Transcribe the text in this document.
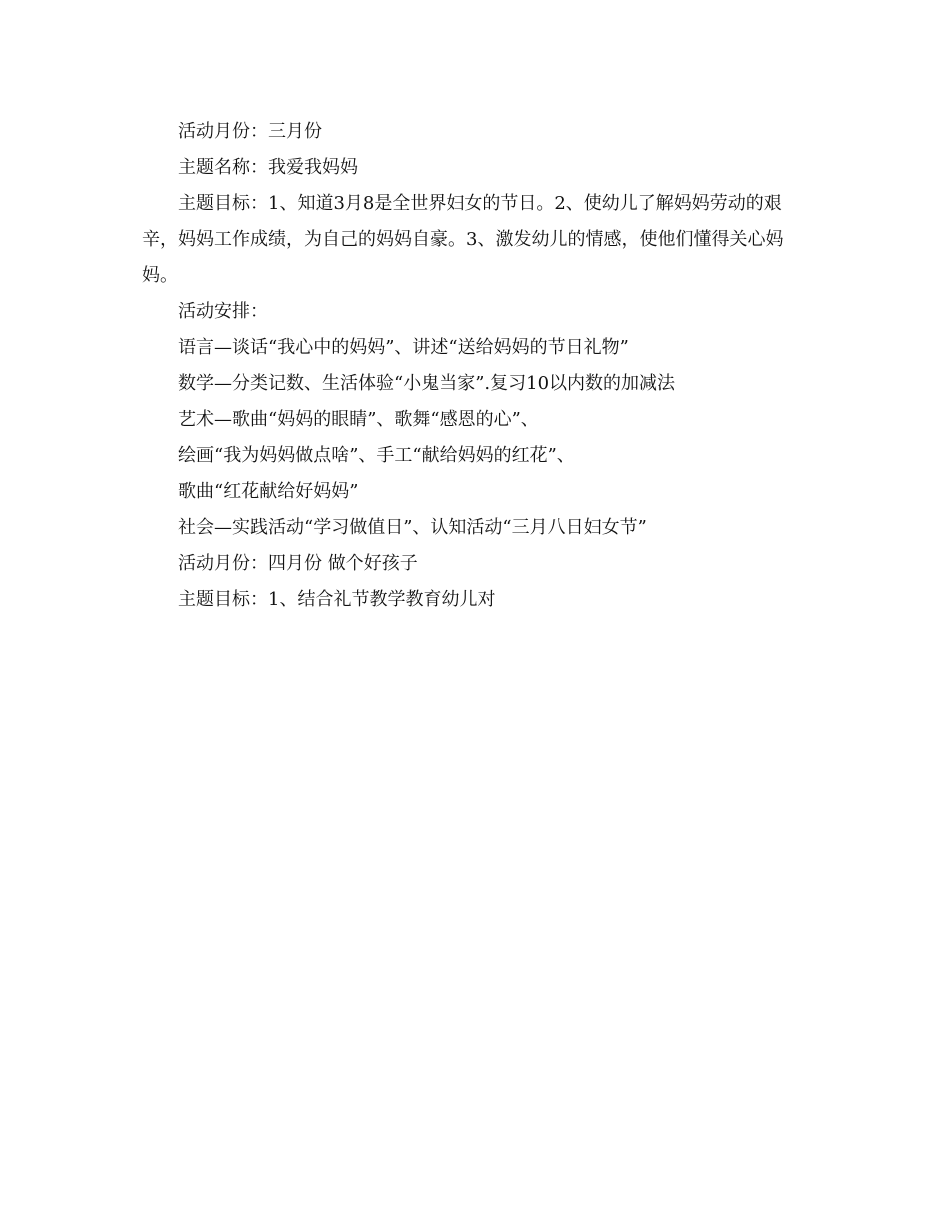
活动月份：三月份

主题名称：我爱我妈妈

主题目标：1、知道3月8是全世界妇女的节日。2、使幼儿了解妈妈劳动的艰辛，妈妈工作成绩，为自己的妈妈自豪。3、激发幼儿的情感，使他们懂得关心妈妈。

活动安排：

语言—谈话“我心中的妈妈”、讲述“送给妈妈的节日礼物”

数学—分类记数、生活体验“小鬼当家”.复习10以内数的加减法

艺术—歌曲“妈妈的眼睛”、歌舞“感恩的心”、

绘画“我为妈妈做点啥”、手工“献给妈妈的红花”、

歌曲“红花献给好妈妈”

社会—实践活动“学习做值日”、认知活动“三月八日妇女节”

活动月份：四月份 做个好孩子

主题目标：1、结合礼节教学教育幼儿对
